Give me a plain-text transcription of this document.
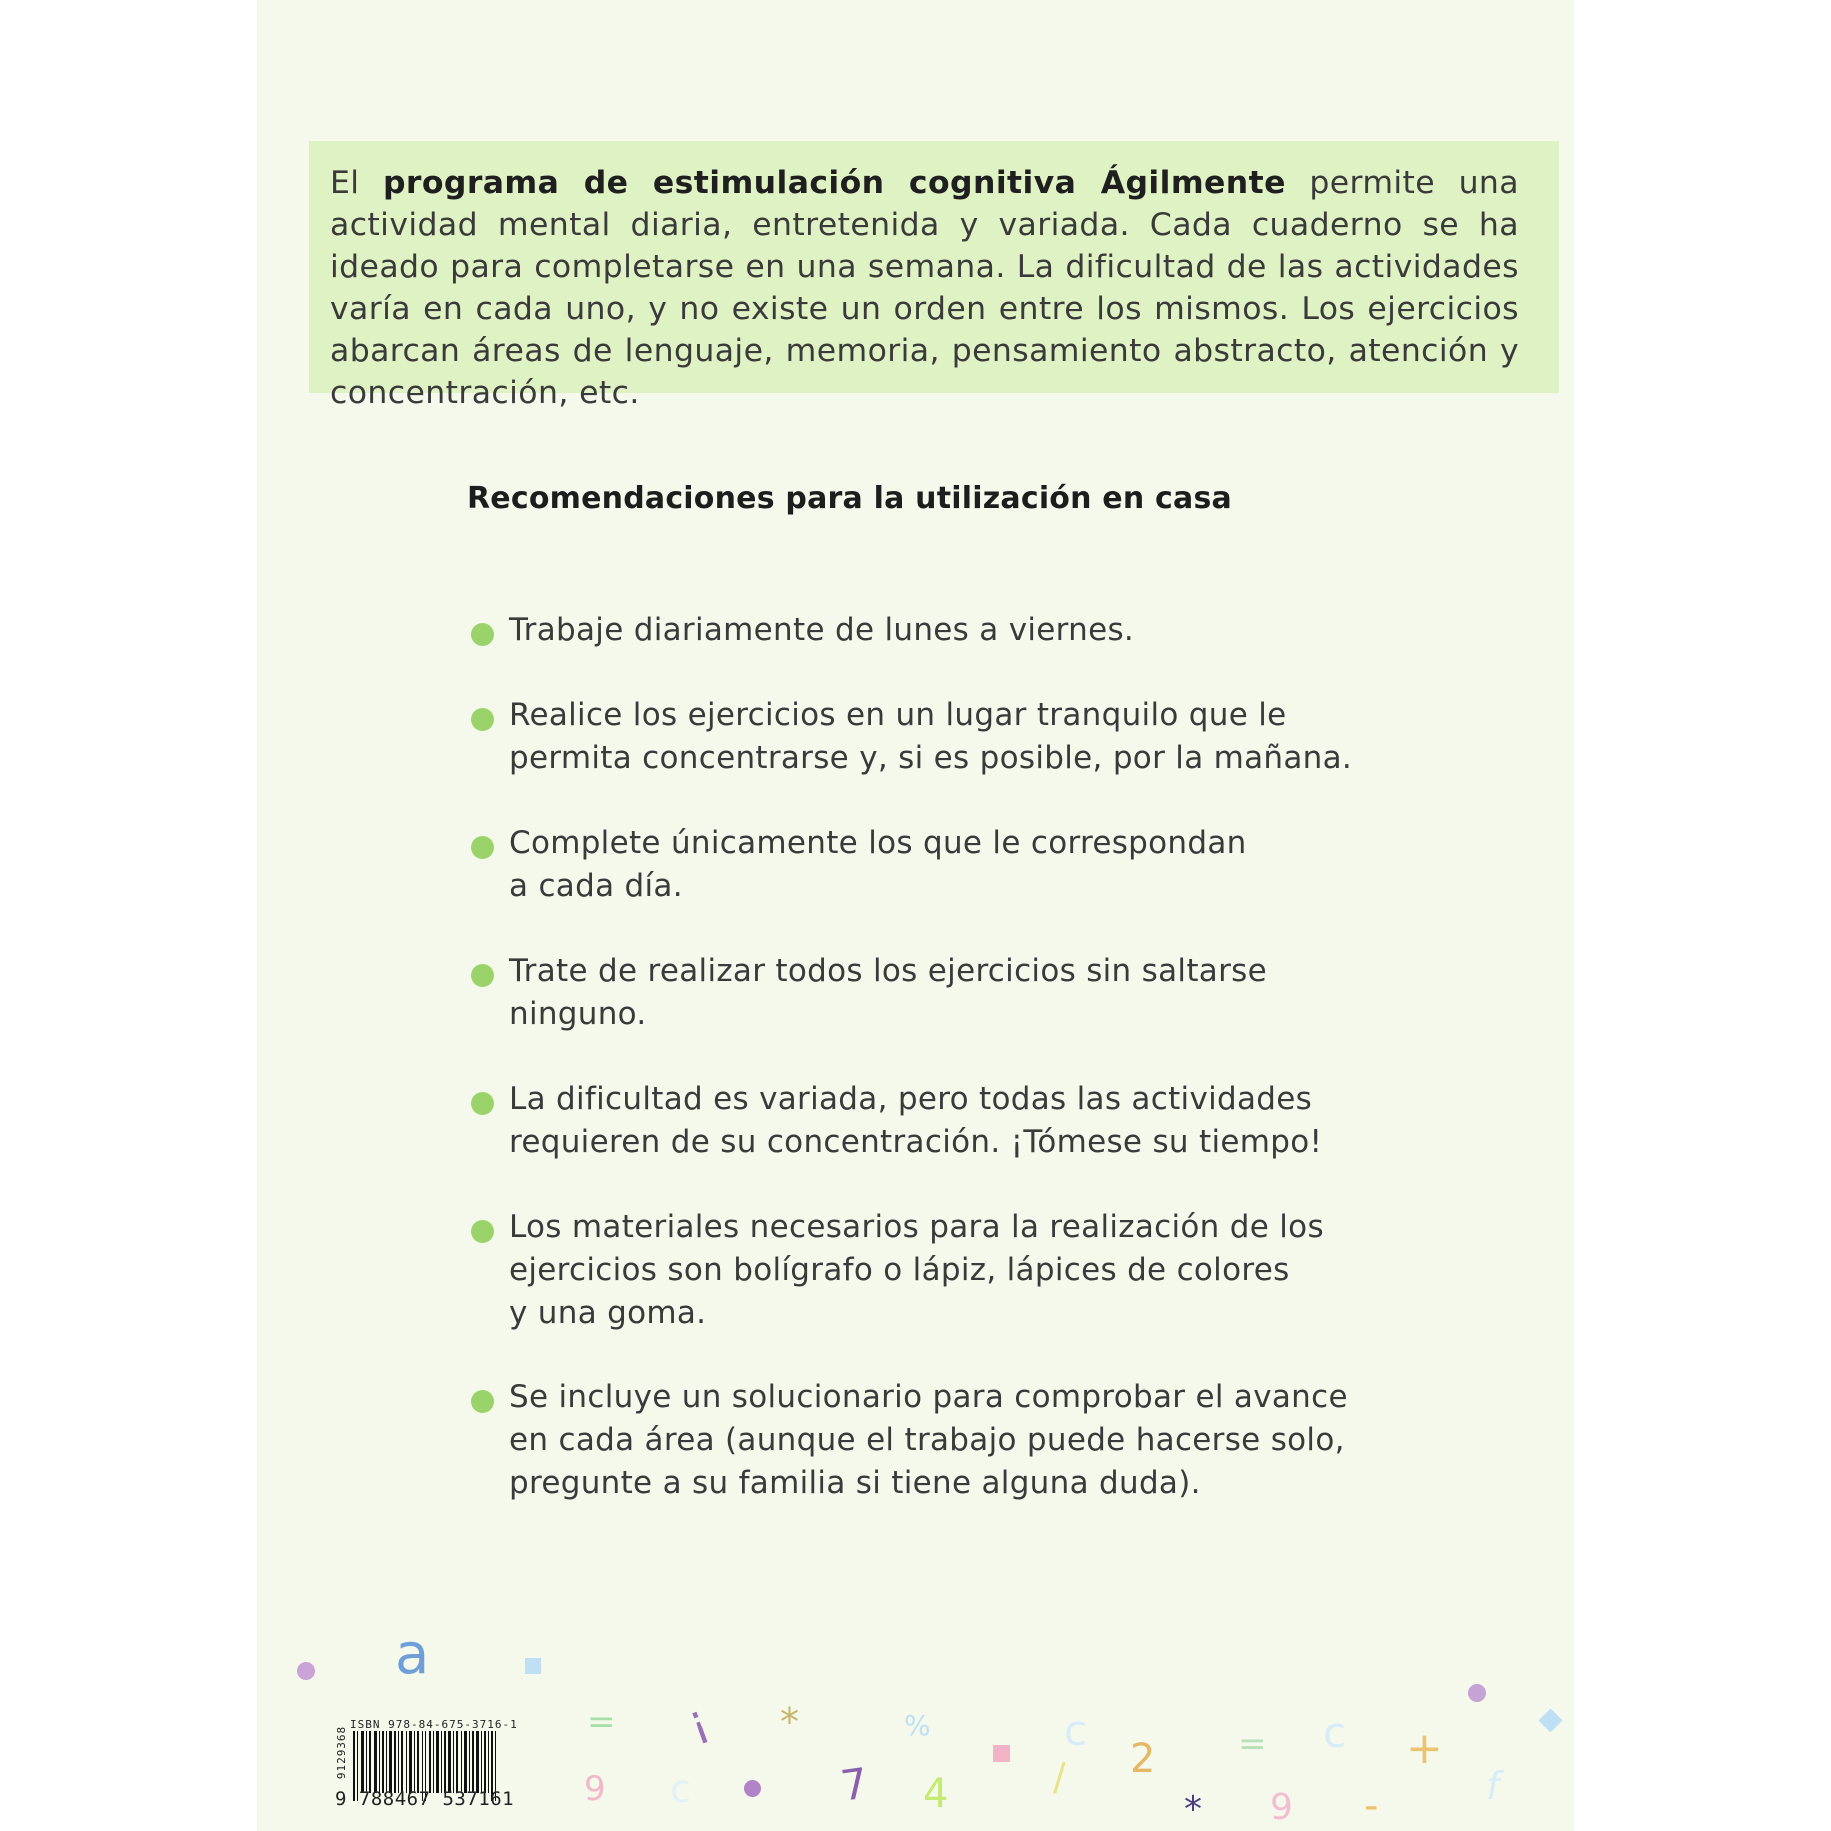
El programa de estimulación cognitiva Ágilmente permite una actividad mental diaria, entretenida y variada. Cada cuaderno se ha ideado para completarse en una semana. La dificultad de las actividades varía en cada uno, y no existe un orden entre los mismos. Los ejercicios abarcan áreas de lenguaje, memoria, pensamiento abstracto, atención y concentración, etc.

Recomendaciones para la utilización en casa

Trabaje diariamente de lunes a viernes.

Realice los ejercicios en un lugar tranquilo que le
permita concentrarse y, si es posible, por la mañana.

Complete únicamente los que le correspondan
a cada día.

Trate de realizar todos los ejercicios sin saltarse
ninguno.

La dificultad es variada, pero todas las actividades
requieren de su concentración. ¡Tómese su tiempo!

Los materiales necesarios para la realización de los
ejercicios son bolígrafo o lápiz, lápices de colores
y una goma.

Se incluye un solucionario para comprobar el avance
en cada área (aunque el trabajo puede hacerse solo,
pregunte a su familia si tiene alguna duda).

a
= ¡ *	%	c
2 = c +
9 c	7 4	/
* 9 -	f
ISBN 978-84-675-3716-1
9129368
9 788467 537161
